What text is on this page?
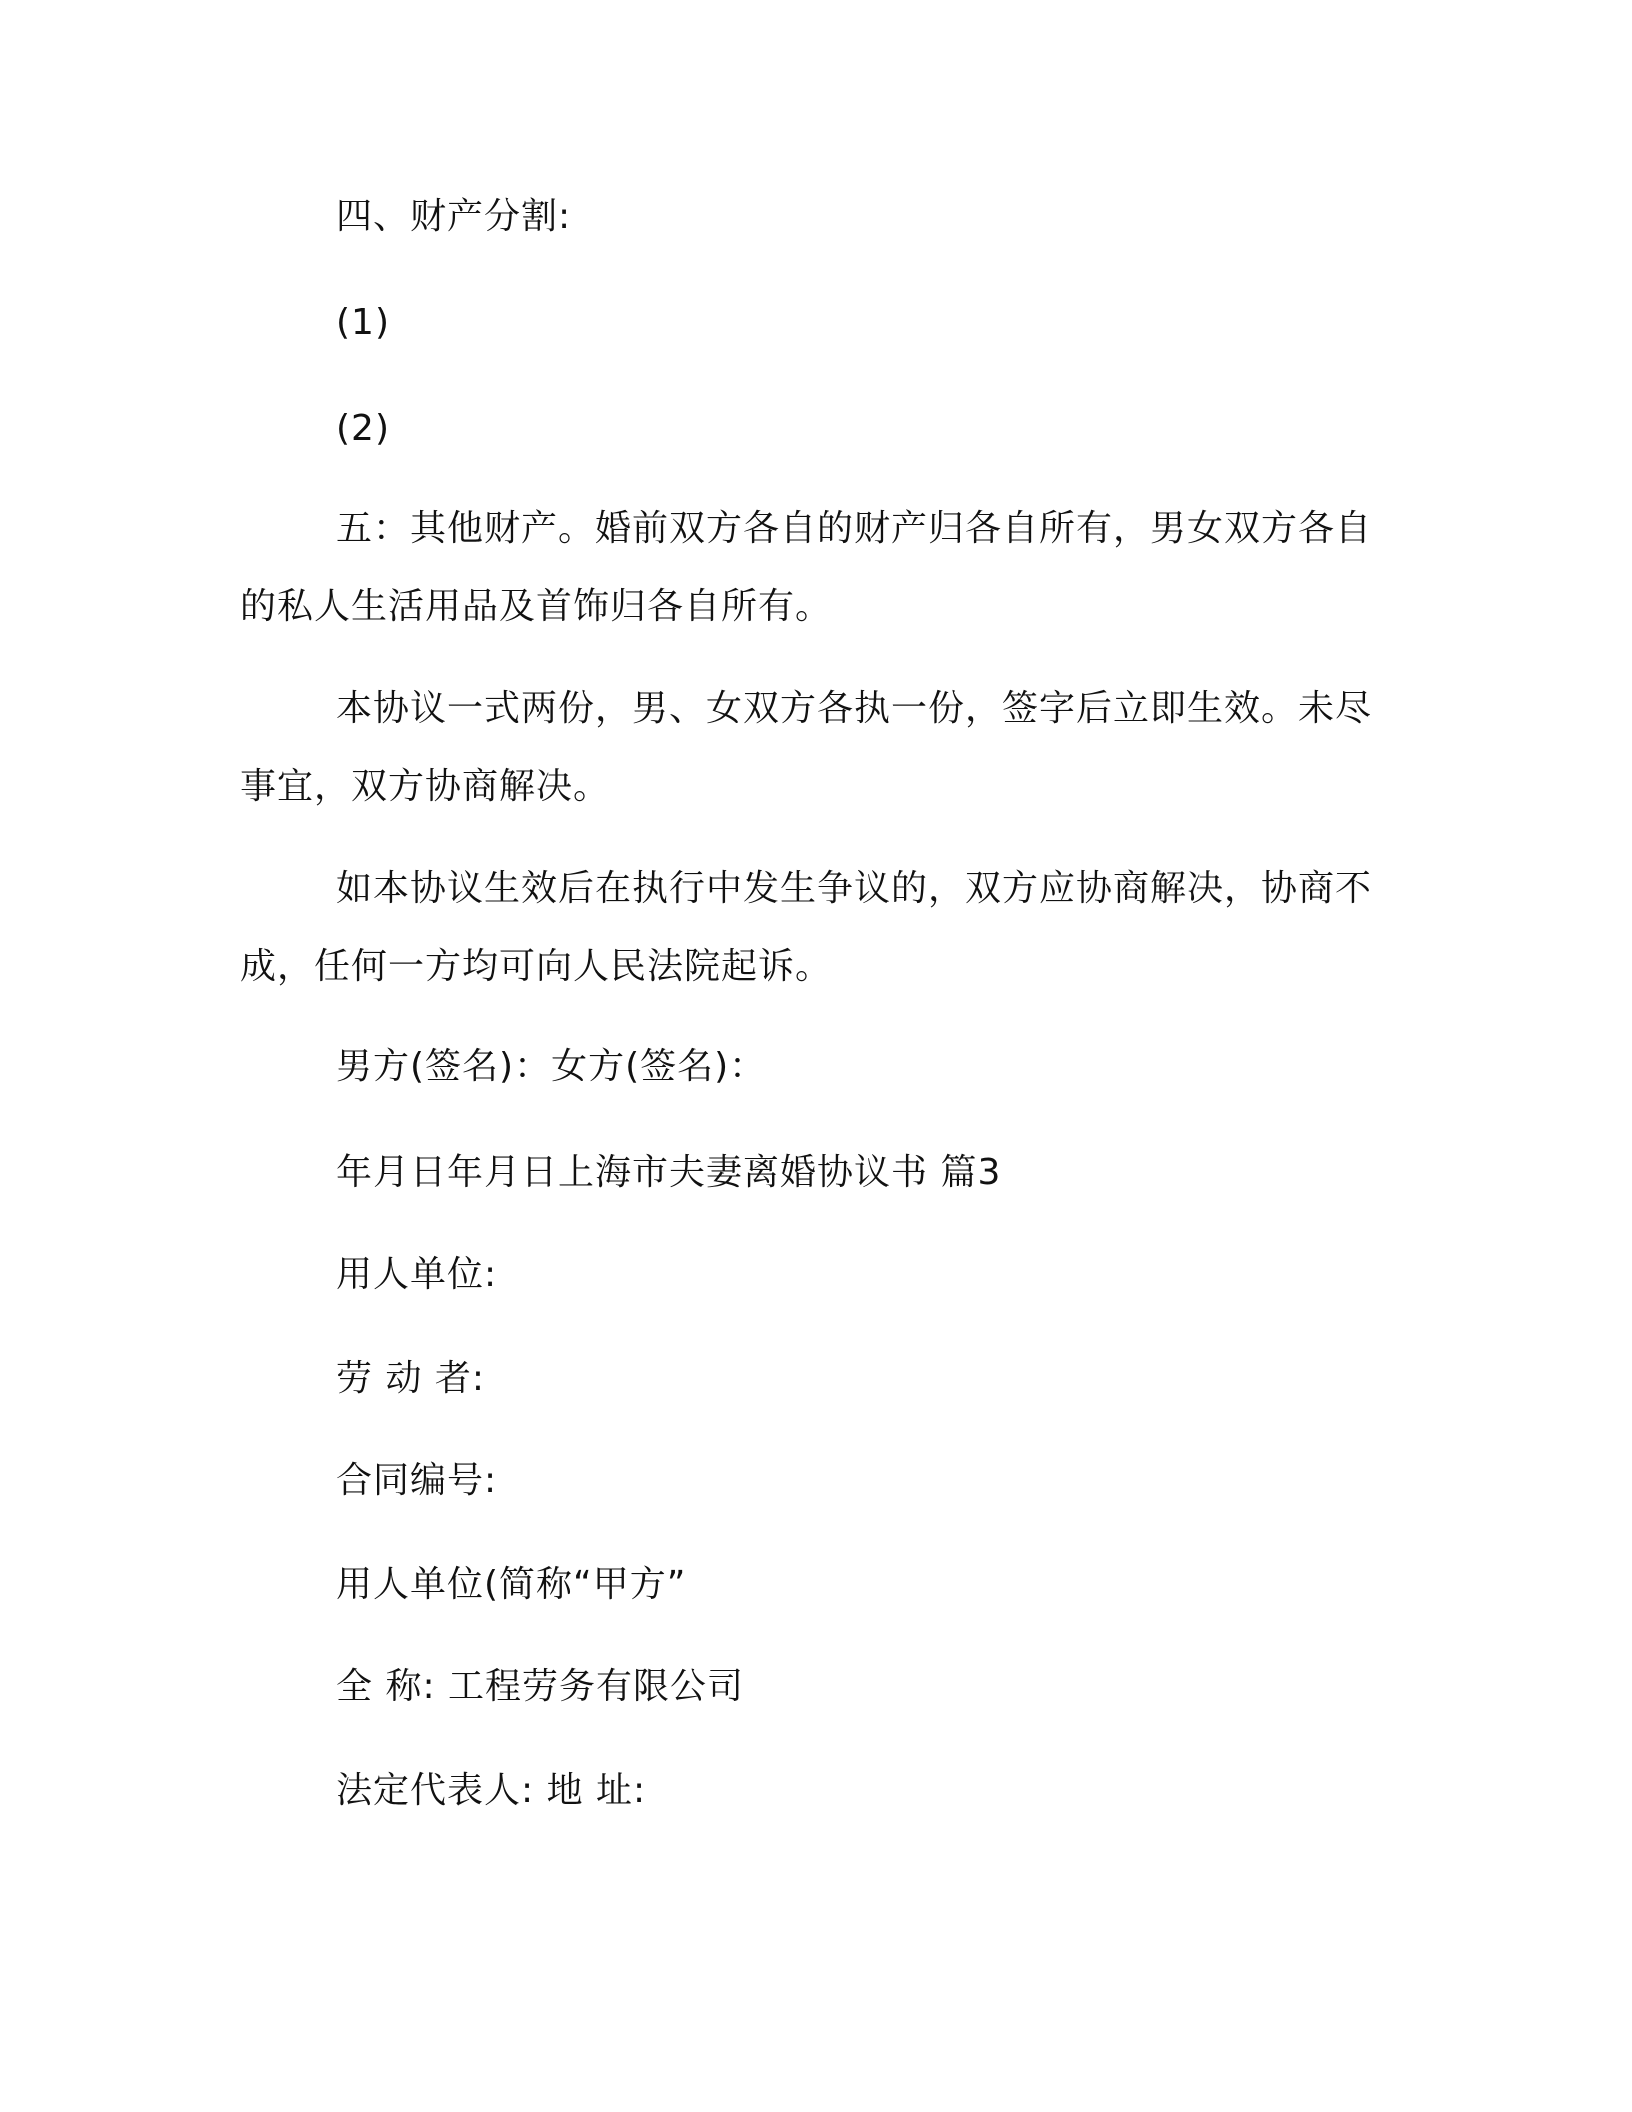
四、财产分割:
(1)
(2)
五：其他财产。婚前双方各自的财产归各自所有，男女双方各自的私人生活用品及首饰归各自所有。
本协议一式两份，男、女双方各执一份，签字后立即生效。未尽事宜，双方协商解决。
如本协议生效后在执行中发生争议的，双方应协商解决，协商不成，任何一方均可向人民法院起诉。
男方(签名)：女方(签名)：
年月日年月日上海市夫妻离婚协议书 篇3
用人单位:
劳 动 者:
合同编号:
用人单位(简称“甲方”
全 称: 工程劳务有限公司
法定代表人: 地 址:
